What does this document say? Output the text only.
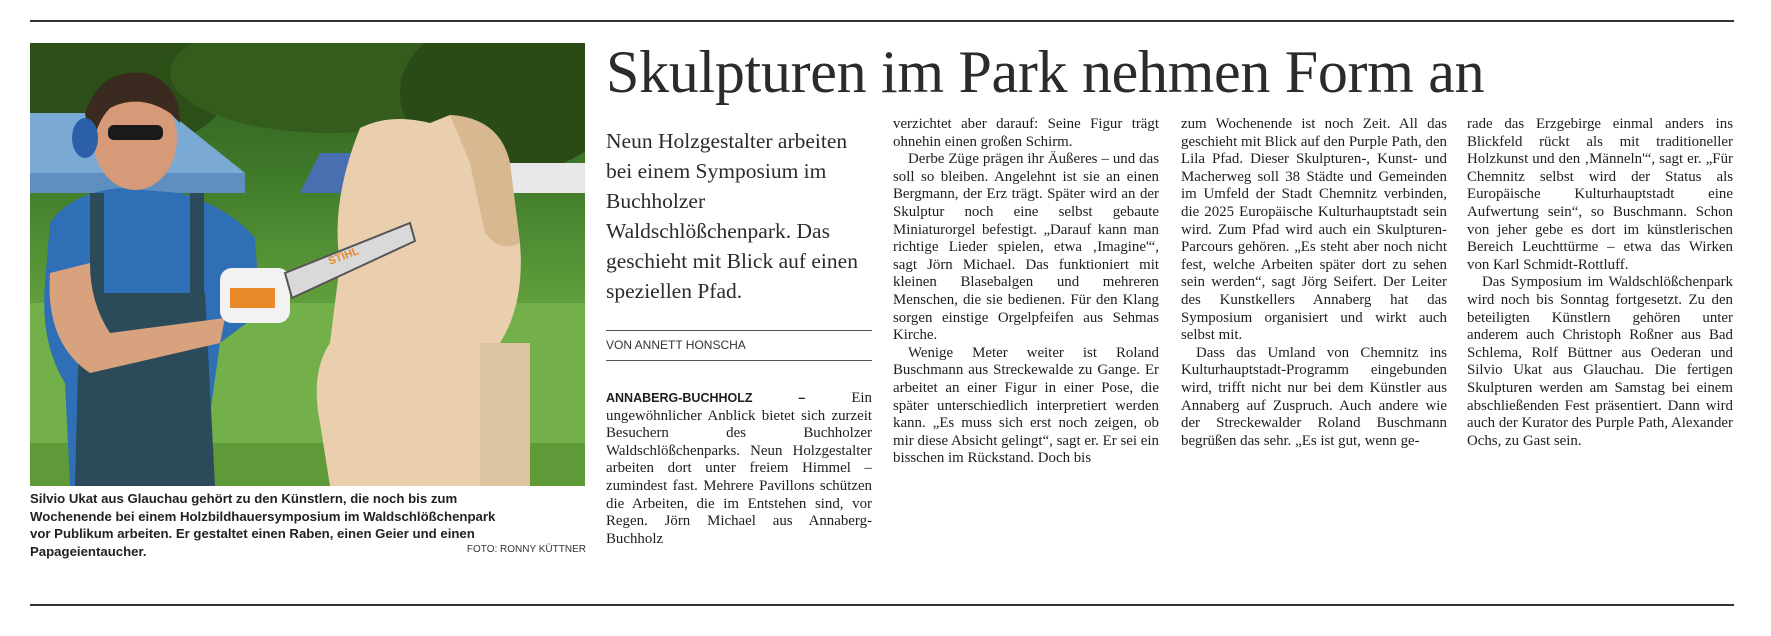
STIHL
Silvio Ukat aus Glauchau gehört zu den Künstlern, die noch bis zum Wochenende bei einem Holzbildhauersymposium im Waldschlößchenpark vor Publikum arbeiten. Er gestaltet einen Raben, einen Geier und einen Papageientaucher.	FOTO: RONNY KÜTTNER
Skulpturen im Park nehmen Form an
Neun Holzgestalter arbeiten bei einem Symposium im Buchholzer Waldschlößchenpark. Das geschieht mit Blick auf einen speziellen Pfad.
VON ANNETT HONSCHA

ANNABERG-BUCHHOLZ –	Ein ungewöhnlicher Anblick bietet sich zurzeit Besuchern des Buchholzer Waldschlößchenparks. Neun Holzgestalter arbeiten dort unter freiem Himmel – zumindest fast. Mehrere Pavillons schützen die Arbeiten, die im Entstehen sind, vor Regen. Jörn Michael aus Annaberg-Buchholz

verzichtet aber darauf: Seine Figur trägt ohnehin einen großen Schirm.

Derbe Züge prägen ihr Äußeres – und das soll so bleiben. Angelehnt ist sie an einen Bergmann, der Erz trägt. Später wird an der Skulptur noch eine selbst gebaute Miniaturorgel befestigt. „Darauf kann man richtige Lieder spielen, etwa ‚Imagine'“, sagt Jörn Michael. Das funktioniert mit kleinen Blasebalgen und mehreren Menschen, die sie bedienen. Für den Klang sorgen einstige Orgelpfeifen aus Sehmas Kirche.

Wenige Meter weiter ist Roland Buschmann aus Streckewalde zu Gange. Er arbeitet an einer Figur in einer Pose, die später unterschiedlich interpretiert werden kann. „Es muss sich erst noch zeigen, ob mir diese Absicht gelingt“, sagt er. Er sei ein bisschen im Rückstand. Doch bis

zum Wochenende ist noch Zeit. All das geschieht mit Blick auf den Purple Path, den Lila Pfad. Dieser Skulpturen-, Kunst- und Macherweg soll 38 Städte und Gemeinden im Umfeld der Stadt Chemnitz verbinden, die 2025 Europäische Kulturhauptstadt sein wird. Zum Pfad wird auch ein Skulpturen-Parcours gehören. „Es steht aber noch nicht fest, welche Arbeiten später dort zu sehen sein werden“, sagt Jörg Seifert. Der Leiter des Kunstkellers Annaberg hat das Symposium organisiert und wirkt auch selbst mit.

Dass das Umland von Chemnitz ins Kulturhauptstadt-Programm eingebunden wird, trifft nicht nur bei dem Künstler aus Annaberg auf Zuspruch. Auch andere wie der Streckewalder Roland Buschmann begrüßen das sehr. „Es ist gut, wenn ge-

rade das Erzgebirge einmal anders ins Blickfeld rückt als mit traditioneller Holzkunst und den ‚Männeln'“, sagt er. „Für Chemnitz selbst wird der Status als Europäische Kulturhauptstadt eine Aufwertung sein“, so Buschmann. Schon von jeher gebe es dort im künstlerischen Bereich Leuchttürme – etwa das Wirken von Karl Schmidt-Rottluff.

Das Symposium im Waldschlößchenpark wird noch bis Sonntag fortgesetzt. Zu den beteiligten Künstlern gehören unter anderem auch Christoph Roßner aus Bad Schlema, Rolf Büttner aus Oederan und Silvio Ukat aus Glauchau. Die fertigen Skulpturen werden am Samstag bei einem abschließenden Fest präsentiert. Dann wird auch der Kurator des Purple Path, Alexander Ochs, zu Gast sein.
